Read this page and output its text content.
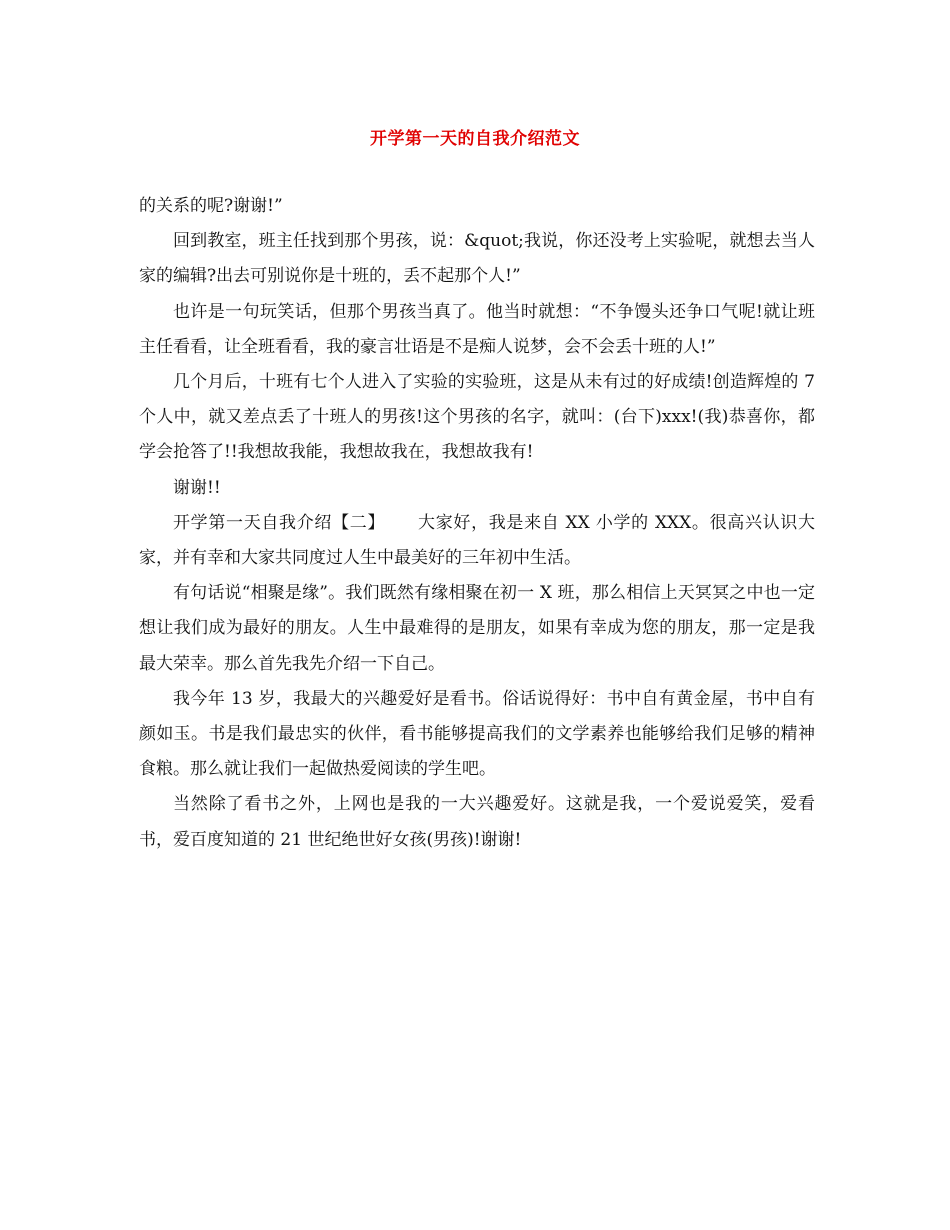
开学第一天的自我介绍范文

的关系的呢?谢谢!”

回到教室，班主任找到那个男孩，说：&quot;我说，你还没考上实验呢，就想去当人家的编辑?出去可别说你是十班的，丢不起那个人!”

也许是一句玩笑话，但那个男孩当真了。他当时就想：“不争馒头还争口气呢!就让班主任看看，让全班看看，我的豪言壮语是不是痴人说梦，会不会丢十班的人!”

几个月后，十班有七个人进入了实验的实验班，这是从未有过的好成绩!创造辉煌的 7 个人中，就又差点丢了十班人的男孩!这个男孩的名字，就叫：(台下)xxx!(我)恭喜你，都学会抢答了!!我想故我能，我想故我在，我想故我有!

谢谢!!

开学第一天自我介绍【二】　　 大家好，我是来自 XX 小学的 XXX。很高兴认识大家，并有幸和大家共同度过人生中最美好的三年初中生活。

有句话说“相聚是缘”。我们既然有缘相聚在初一 X 班，那么相信上天冥冥之中也一定想让我们成为最好的朋友。人生中最难得的是朋友，如果有幸成为您的朋友，那一定是我最大荣幸。那么首先我先介绍一下自己。

我今年 13 岁，我最大的兴趣爱好是看书。俗话说得好：书中自有黄金屋，书中自有颜如玉。书是我们最忠实的伙伴，看书能够提高我们的文学素养也能够给我们足够的精神食粮。那么就让我们一起做热爱阅读的学生吧。

当然除了看书之外，上网也是我的一大兴趣爱好。这就是我，一个爱说爱笑，爱看书，爱百度知道的 21 世纪绝世好女孩(男孩)!谢谢!
